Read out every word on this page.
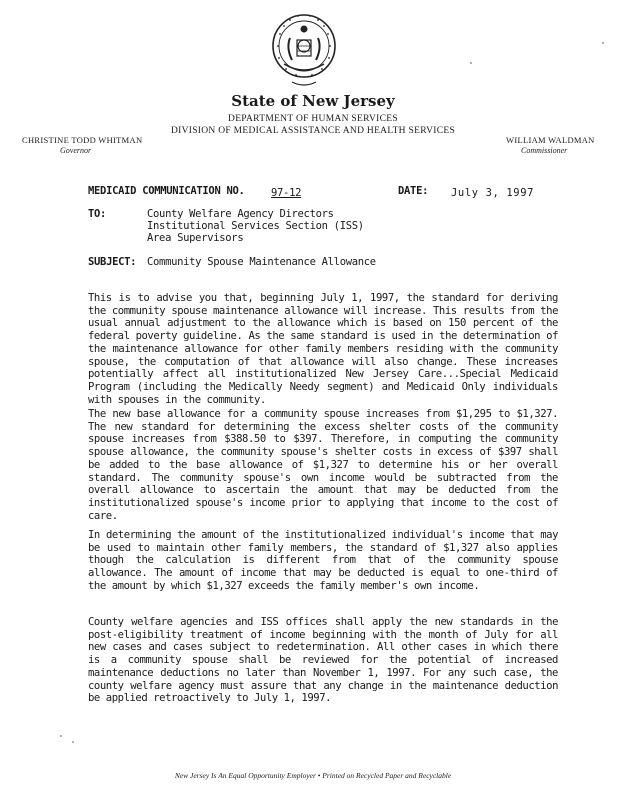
State of New Jersey
DEPARTMENT OF HUMAN SERVICES
DIVISION OF MEDICAL ASSISTANCE AND HEALTH SERVICES
CHRISTINE TODD WHITMAN
Governor
WILLIAM WALDMAN
Commissioner
MEDICAID COMMUNICATION NO.	97-12	DATE: July 3, 1997
TO:	County Welfare Agency Directors
Institutional Services Section (ISS)
Area Supervisors
SUBJECT: Community Spouse Maintenance Allowance

This is to advise you that, beginning July 1, 1997, the standard for deriving the community spouse maintenance allowance will increase. This results from the usual annual adjustment to the allowance which is based on 150 percent of the federal poverty guideline. As the same standard is used in the determination of the maintenance allowance for other family members residing with the community spouse, the computation of that allowance will also change. These increases potentially affect all institutionalized New Jersey Care...Special Medicaid Program (including the Medically Needy segment) and Medicaid Only individuals with spouses in the community.

The new base allowance for a community spouse increases from $1,295 to $1,327. The new standard for determining the excess shelter costs of the community spouse increases from $388.50 to $397. Therefore, in computing the community spouse allowance, the community spouse's shelter costs in excess of $397 shall be added to the base allowance of $1,327 to determine his or her overall standard. The community spouse's own income would be subtracted from the overall allowance to ascertain the amount that may be deducted from the institutionalized spouse's income prior to applying that income to the cost of care.

In determining the amount of the institutionalized individual's income that may be used to maintain other family members, the standard of $1,327 also applies though the calculation is different from that of the community spouse allowance. The amount of income that may be deducted is equal to one-third of the amount by which $1,327 exceeds the family member's own income.

County welfare agencies and ISS offices shall apply the new standards in the post-eligibility treatment of income beginning with the month of July for all new cases and cases subject to redetermination. All other cases in which there is a community spouse shall be reviewed for the potential of increased maintenance deductions no later than November 1, 1997. For any such case, the county welfare agency must assure that any change in the maintenance deduction be applied retroactively to July 1, 1997.

New Jersey Is An Equal Opportunity Employer • Printed on Recycled Paper and Recyclable
